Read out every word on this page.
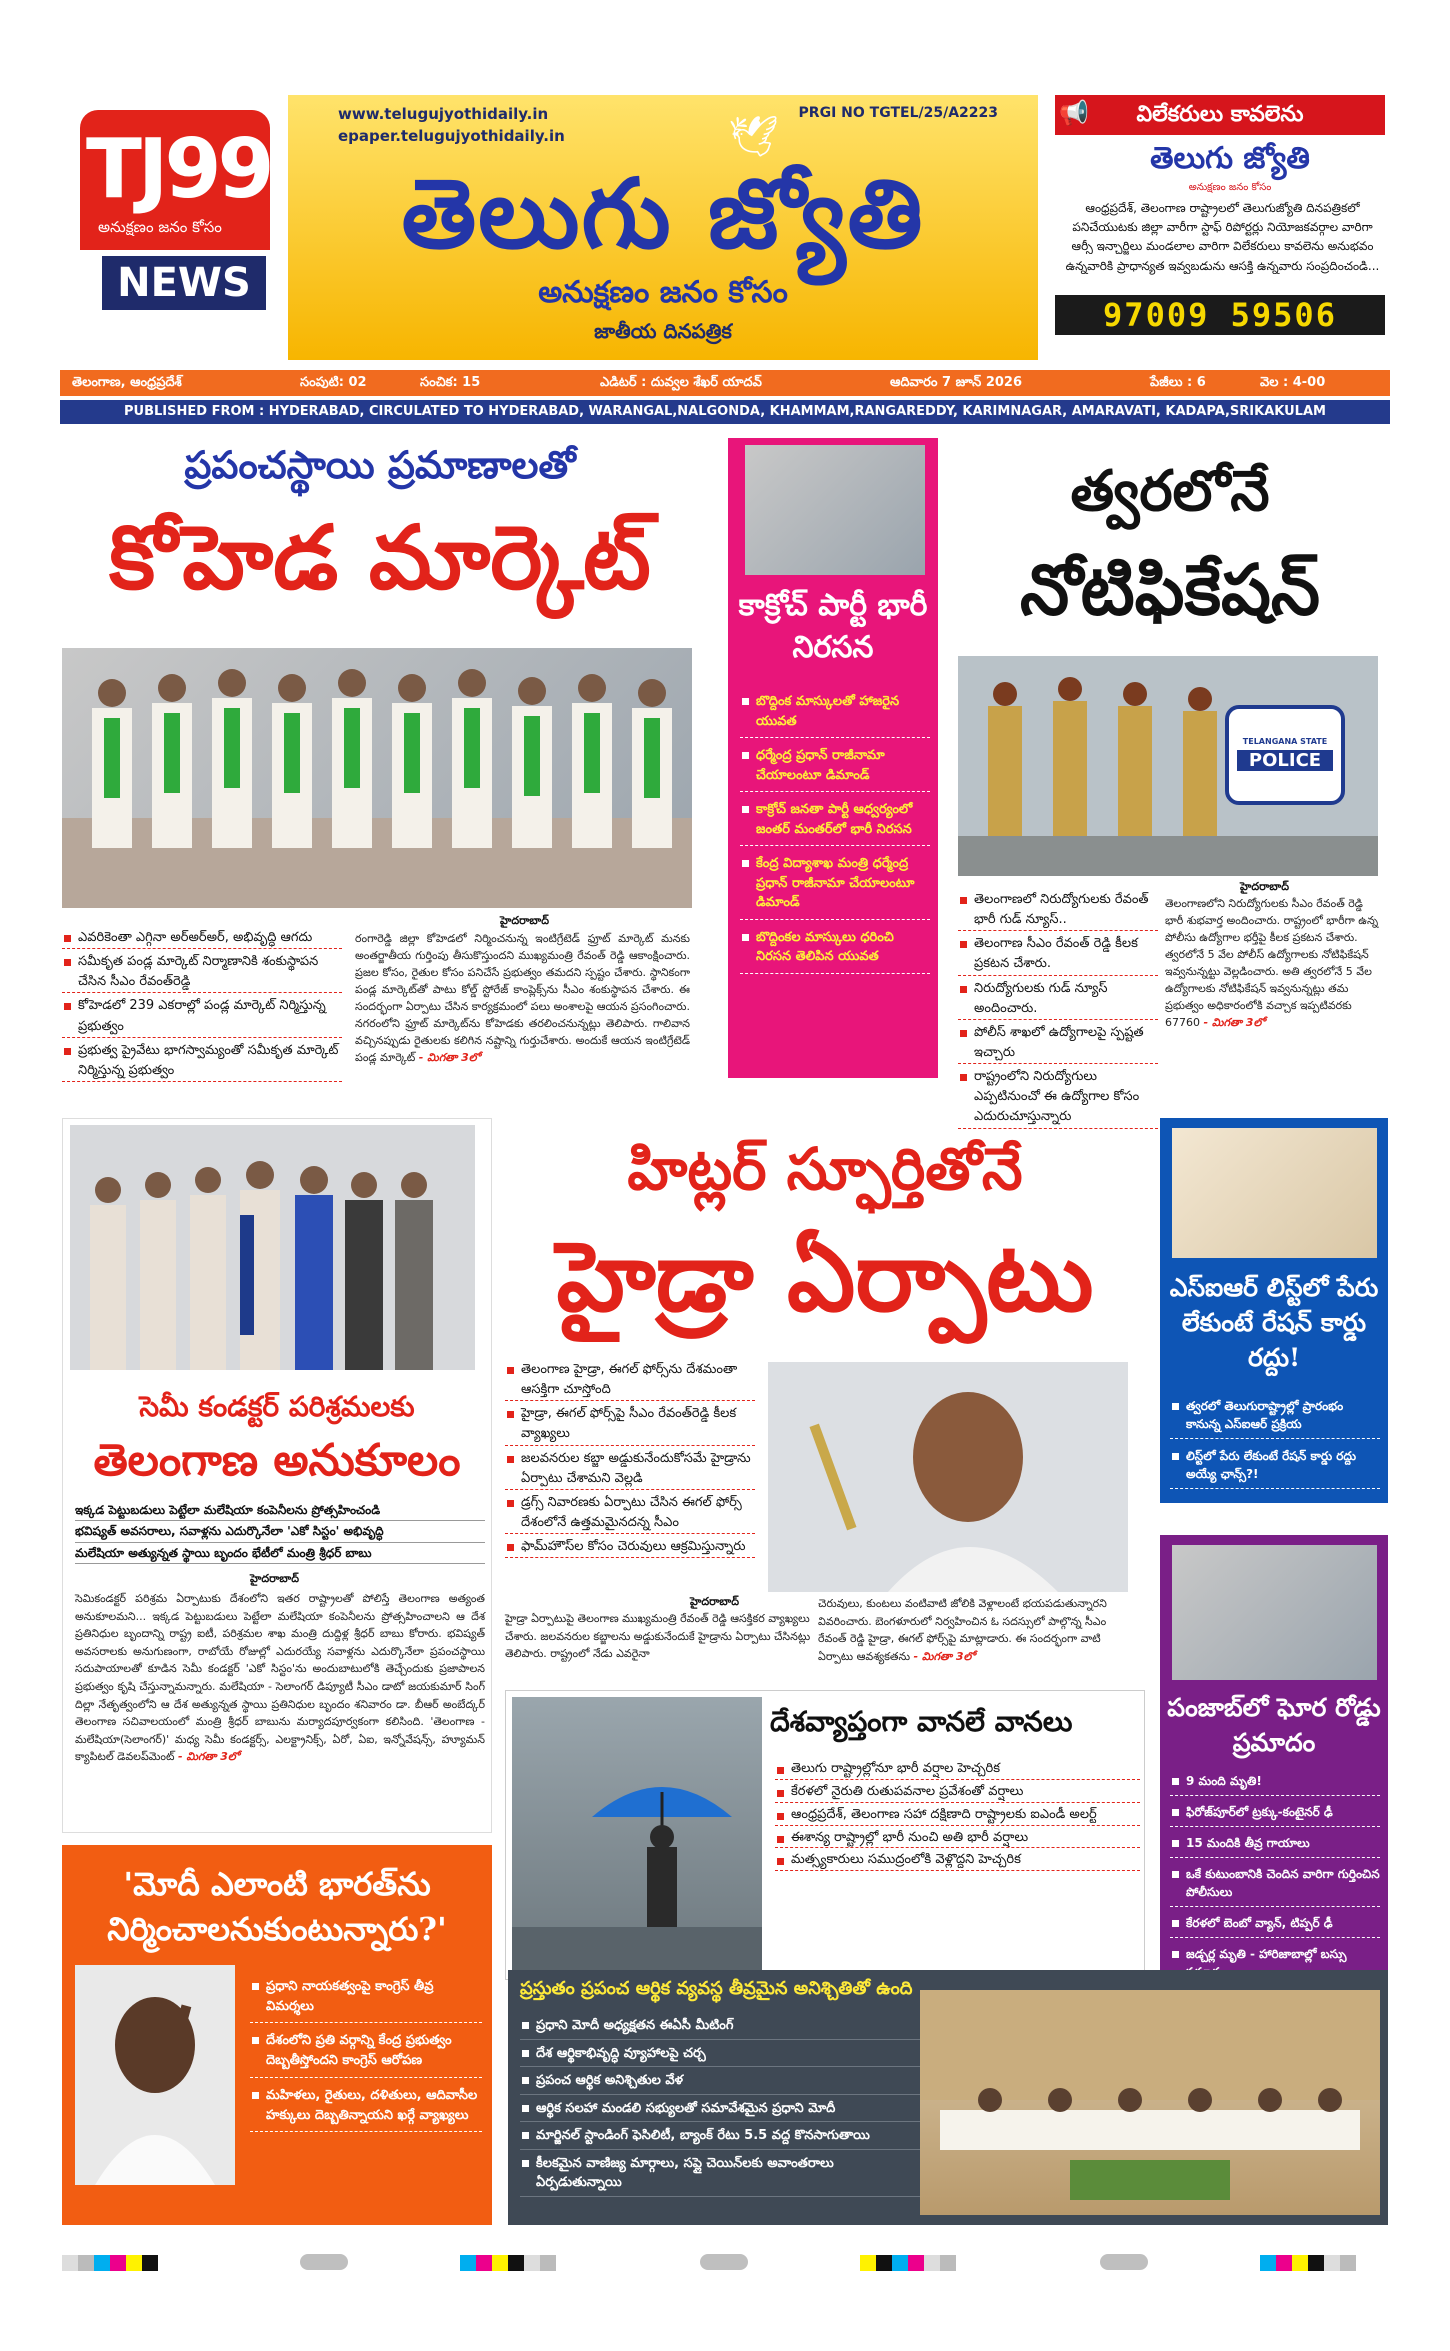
TJ99
అనుక్షణం జనం కోసం
NEWS
www.telugujyothidaily.in
epaper.telugujyothidaily.in
PRGI NO TGTEL/25/A2223
🕊
తెలుగు జ్యోతి
అనుక్షణం జనం కోసం
జాతీయ దినపత్రిక
విలేకరులు కావలెను
📢
తెలుగు జ్యోతి
అనుక్షణం జనం కోసం
ఆంధ్రప్రదేశ్, తెలంగాణ రాష్ట్రాలలో తెలుగుజ్యోతి దినపత్రికలో పనిచేయుటకు జిల్లా వారీగా స్టాఫ్ రిపోర్టర్లు నియోజకవర్గాల వారిగా ఆర్సీ ఇన్చార్జిలు మండలాల వారిగా విలేకరులు కావలెను అనుభవం ఉన్నవారికి ప్రాధాన్యత ఇవ్వబడును ఆసక్తి ఉన్నవారు సంప్రదించండి...
97009 59506
తెలంగాణ, ఆంధ్రప్రదేశ్	సంపుటి: 02	సంచిక: 15	ఎడిటర్ : దువ్వల శేఖర్ యాదవ్	ఆదివారం 7 జూన్ 2026	పేజీలు : 6	వెల : 4-00
PUBLISHED FROM : HYDERABAD, CIRCULATED TO HYDERABAD, WARANGAL,NALGONDA, KHAMMAM,RANGAREDDY, KARIMNAGAR, AMARAVATI, KADAPA,SRIKAKULAM
ప్రపంచస్థాయి ప్రమాణాలతో
కోహెడ మార్కెట్
ఎవరికెంతా ఎగ్గినా అర్అర్అర్, అభివృద్ధి ఆగదు
సమీకృత పండ్ల మార్కెట్ నిర్మాణానికి శంకుస్థాపన చేసిన సీఎం రేవంత్‌రెడ్డి
కోహెడలో 239 ఎకరాల్లో పండ్ల మార్కెట్ నిర్మిస్తున్న ప్రభుత్వం
ప్రభుత్వ ప్రైవేటు భాగస్వామ్యంతో సమీకృత మార్కెట్ నిర్మిస్తున్న ప్రభుత్వం
హైదరాబాద్
రంగారెడ్డి జిల్లా కోహెడలో నిర్మించనున్న ఇంటిగ్రేటెడ్ ఫ్రూట్ మార్కెట్ మనకు అంతర్జాతీయ గుర్తింపు తీసుకొస్తుందని ముఖ్యమంత్రి రేవంత్ రెడ్డి ఆకాంక్షించారు. ప్రజల కోసం, రైతుల కోసం పనిచేసే ప్రభుత్వం తమదని స్పష్టం చేశారు. స్థానికంగా పండ్ల మార్కెట్‌తో పాటు కోల్డ్ స్టోరేజ్ కాంప్లెక్స్‌ను సీఎం శంకుస్థాపన చేశారు. ఈ సందర్భంగా ఏర్పాటు చేసిన కార్యక్రమంలో పలు అంశాలపై ఆయన ప్రసంగించారు. నగరంలోని ఫ్రూట్ మార్కెట్‌ను కోహెడకు తరలించనున్నట్లు తెలిపారు. గాలివాన వచ్చినప్పుడు రైతులకు కలిగిన నష్టాన్ని గుర్తుచేశారు. అందుకే ఆయన ఇంటిగ్రేటెడ్ పండ్ల మార్కెట్ - మిగతా 3లో
కాక్రోచ్ పార్టీ భారీ నిరసన
బొద్దింక మాస్కులతో హాజరైన యువత
ధర్మేంద్ర ప్రధాన్ రాజీనామా చేయాలంటూ డిమాండ్
కాక్రోచ్ జనతా పార్టీ ఆధ్వర్యంలో జంతర్ మంతర్‌లో భారీ నిరసన
కేంద్ర విద్యాశాఖ మంత్రి ధర్మేంద్ర ప్రధాన్ రాజీనామా చేయాలంటూ డిమాండ్
బొద్దింకల మాస్కులు ధరించి నిరసన తెలిపిన యువత
త్వరలోనే
నోటిఫికేషన్
TELANGANA STATE
POLICE
తెలంగాణలో నిరుద్యోగులకు రేవంత్ భారీ గుడ్ న్యూస్..
తెలంగాణ సీఎం రేవంత్ రెడ్డి కీలక ప్రకటన చేశారు.
నిరుద్యోగులకు గుడ్ న్యూస్ అందించారు.
పోలీస్ శాఖలో ఉద్యోగాలపై స్పష్టత ఇచ్చారు
రాష్ట్రంలోని నిరుద్యోగులు ఎప్పటినుంచో ఈ ఉద్యోగాల కోసం ఎదురుచూస్తున్నారు
హైదరాబాద్
తెలంగాణలోని నిరుద్యోగులకు సీఎం రేవంత్ రెడ్డి భారీ శుభవార్త అందించారు. రాష్ట్రంలో భారీగా ఉన్న పోలీసు ఉద్యోగాల భర్తీపై కీలక ప్రకటన చేశారు. త్వరలోనే 5 వేల పోలీస్ ఉద్యోగాలకు నోటిఫికేషన్ ఇవ్వనున్నట్టు వెల్లడించారు. అతి త్వరలోనే 5 వేల ఉద్యోగాలకు నోటిఫికేషన్ ఇవ్వనున్నట్లు తమ ప్రభుత్వం అధికారంలోకి వచ్చాక ఇప్పటివరకు 67760 - మిగతా 3లో
సెమీ కండక్టర్ పరిశ్రమలకు
తెలంగాణ అనుకూలం
ఇక్కడ పెట్టుబడులు పెట్టేలా మలేషియా కంపెనీలను ప్రోత్సహించండి
భవిష్యత్ అవసరాలు, సవాళ్లను ఎదుర్కొనేలా 'ఎకో సిస్టం' అభివృద్ధి
మలేషియా అత్యున్నత స్థాయి బృందం భేటీలో మంత్రి శ్రీధర్ బాబు
హైదరాబాద్
సెమికండక్టర్ పరిశ్రమ ఏర్పాటుకు దేశంలోని ఇతర రాష్ట్రాలతో పోలిస్తే తెలంగాణ అత్యంత అనుకూలమని... ఇక్కడ పెట్టుబడులు పెట్టేలా మలేషియా కంపెనీలను ప్రోత్సహించాలని ఆ దేశ ప్రతినిధుల బృందాన్ని రాష్ట్ర ఐటీ, పరిశ్రమల శాఖ మంత్రి దుద్దిళ్ల శ్రీధర్ బాబు కోరారు. భవిష్యత్ అవసరాలకు అనుగుణంగా, రాబోయే రోజుల్లో ఎదురయ్యే సవాళ్లను ఎదుర్కొనేలా ప్రపంచస్థాయి సదుపాయాలతో కూడిన సెమీ కండక్టర్ 'ఎకో సిస్టం'ను అందుబాటులోకి తెచ్చేందుకు ప్రజాపాలన ప్రభుత్వం కృషి చేస్తున్నామన్నారు. మలేషియా - సెలాంగర్ డిప్యూటీ సీఎం డాటో జయకుమార్ సింగ్ దిల్లా నేతృత్వంలోని ఆ దేశ అత్యున్నత స్థాయి ప్రతినిధుల బృందం శనివారం డా. బీఆర్ అంబేద్కర్ తెలంగాణ సచివాలయంలో మంత్రి శ్రీధర్ బాబును మర్యాదపూర్వకంగా కలిసింది. 'తెలంగాణ - మలేషియా(సెలాంగర్)' మధ్య సెమీ కండక్టర్స్, ఎలక్ట్రానిక్స్, ఏరో, ఏఐ, ఇన్నోవేషన్స్, హ్యూమన్ క్యాపిటల్ డెవలప్‌మెంట్ - మిగతా 3లో
హిట్లర్ స్ఫూర్తితోనే
హైడ్రా ఏర్పాటు
తెలంగాణ హైడ్రా, ఈగల్ ఫోర్స్‌ను దేశమంతా ఆసక్తిగా చూస్తోంది
హైడ్రా, ఈగల్ ఫోర్స్‌పై సీఎం రేవంత్‌రెడ్డి కీలక వ్యాఖ్యలు
జలవనరుల కబ్జా అడ్డుకునేందుకోసమే హైడ్రాను ఏర్పాటు చేశామని వెల్లడి
డ్రగ్స్ నివారణకు ఏర్పాటు చేసిన ఈగల్ ఫోర్స్ దేశంలోనే ఉత్తమమైనదన్న సీఎం
ఫామ్‌హౌస్‌ల కోసం చెరువులు ఆక్రమిస్తున్నారు
హైదరాబాద్
హైడ్రా ఏర్పాటుపై తెలంగాణ ముఖ్యమంత్రి రేవంత్ రెడ్డి ఆసక్తికర వ్యాఖ్యలు చేశారు. జలవనరుల కబ్జాలను అడ్డుకునేందుకే హైడ్రాను ఏర్పాటు చేసినట్లు తెలిపారు. రాష్ట్రంలో నేడు ఎవరైనా
చెరువులు, కుంటలు వంటివాటి జోలికి వెళ్లాలంటే భయపడుతున్నారని వివరించారు. బెంగళూరులో నిర్వహించిన ఓ సదస్సులో పాల్గొన్న సీఎం రేవంత్ రెడ్డి హైడ్రా, ఈగల్ ఫోర్స్‌పై మాట్లాడారు. ఈ సందర్భంగా వాటి ఏర్పాటు ఆవశ్యకతను - మిగతా 3లో
ఎస్ఐఆర్ లిస్ట్‌లో పేరు లేకుంటే రేషన్ కార్డు రద్దు!
త్వరలో తెలుగురాష్ట్రాల్లో ప్రారంభం కానున్న ఎస్ఐఆర్ ప్రక్రియ
లిస్ట్‌లో పేరు లేకుంటే రేషన్ కార్డు రద్దు అయ్యే ఛాన్స్?!
పంజాబ్‌లో ఘోర రోడ్డు ప్రమాదం
9 మంది మృతి!
ఫిరోజ్‌పూర్‌లో ట్రక్కు-కంటైనర్ ఢీ
15 మందికి తీవ్ర గాయాలు
ఒకే కుటుంబానికి చెందిన వారిగా గుర్తించిన పోలీసులు
కేరళలో బెంబో వ్యాన్, టిప్పర్ ఢీ
జడ్చర్ల మృతి - హారిజాబాల్లో బస్సు
దేశవ్యాప్తంగా వానలే వానలు
తెలుగు రాష్ట్రాల్లోనూ భారీ వర్షాల హెచ్చరిక
కేరళలో నైరుతి రుతుపవనాల ప్రవేశంతో వర్షాలు
ఆంధ్రప్రదేశ్, తెలంగాణ సహా దక్షిణాది రాష్ట్రాలకు ఐఎండీ అలర్ట్
ఈశాన్య రాష్ట్రాల్లో భారీ నుంచి అతి భారీ వర్షాలు
మత్స్యకారులు సముద్రంలోకి వెళ్లొద్దని హెచ్చరిక
'మోదీ ఎలాంటి భారత్‌ను నిర్మించాలనుకుంటున్నారు?'
ప్రధాని నాయకత్వంపై కాంగ్రెస్ తీవ్ర విమర్శలు
దేశంలోని ప్రతి వర్గాన్ని కేంద్ర ప్రభుత్వం దెబ్బతీస్తోందని కాంగ్రెస్ ఆరోపణ
మహిళలు, రైతులు, దళితులు, ఆదివాసీల హక్కులు దెబ్బతిన్నాయని ఖర్గే వ్యాఖ్యలు
ప్రస్తుతం ప్రపంచ ఆర్థిక వ్యవస్థ తీవ్రమైన అనిశ్చితితో ఉంది
ప్రధాని మోదీ అధ్యక్షతన ఈఏసీ మీటింగ్
దేశ ఆర్థికాభివృద్ధి వ్యూహాలపై చర్చ
ప్రపంచ ఆర్థిక అనిశ్చితుల వేళ
ఆర్థిక సలహా మండలి సభ్యులతో సమావేశమైన ప్రధాని మోదీ
మార్జినల్ స్టాండింగ్ ఫెసిలిటీ, బ్యాంక్ రేటు 5.5 వద్ద కొనసాగుతాయి
కీలకమైన వాణిజ్య మార్గాలు, సప్లై చెయిన్‌లకు అవాంతరాలు ఏర్పడుతున్నాయి
